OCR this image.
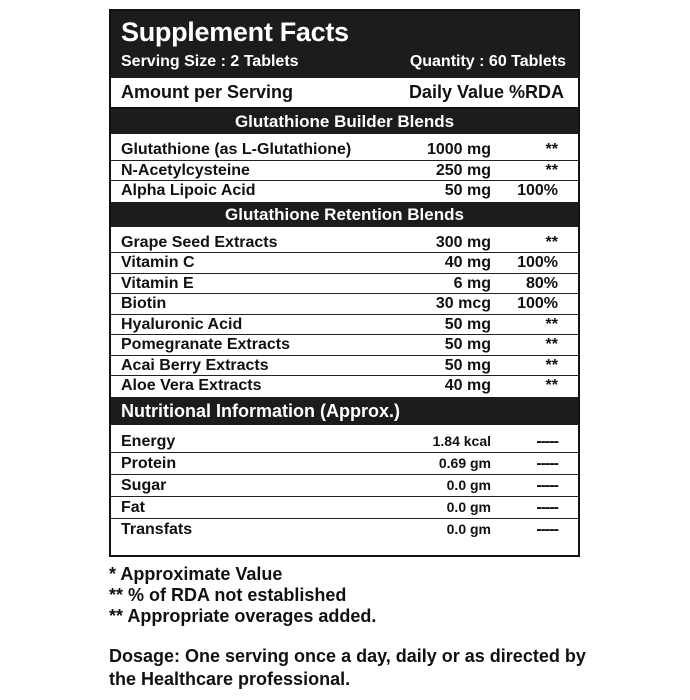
Supplement Facts
Serving Size : 2 Tablets	Quantity : 60 Tablets
Amount per Serving	Daily Value %RDA
Glutathione Builder Blends
Glutathione (as L-Glutathione)	1000 mg	**
N-Acetylcysteine	250 mg	**
Alpha Lipoic Acid	50 mg	100%
Glutathione Retention Blends
Grape Seed Extracts	300 mg	**
Vitamin C	40 mg	100%
Vitamin E	6 mg	80%
Biotin	30 mcg	100%
Hyaluronic Acid	50 mg	**
Pomegranate Extracts	50 mg	**
Acai Berry Extracts	50 mg	**
Aloe Vera Extracts	40 mg	**
Nutritional Information (Approx.)
Energy	1.84 kcal	-----
Protein	0.69 gm	-----
Sugar	0.0 gm	-----
Fat	0.0 gm	-----
Transfats	0.0 gm	-----
* Approximate Value
** % of RDA not established
** Appropriate overages added.
Dosage: One serving once a day, daily or as directed by the Healthcare professional.
